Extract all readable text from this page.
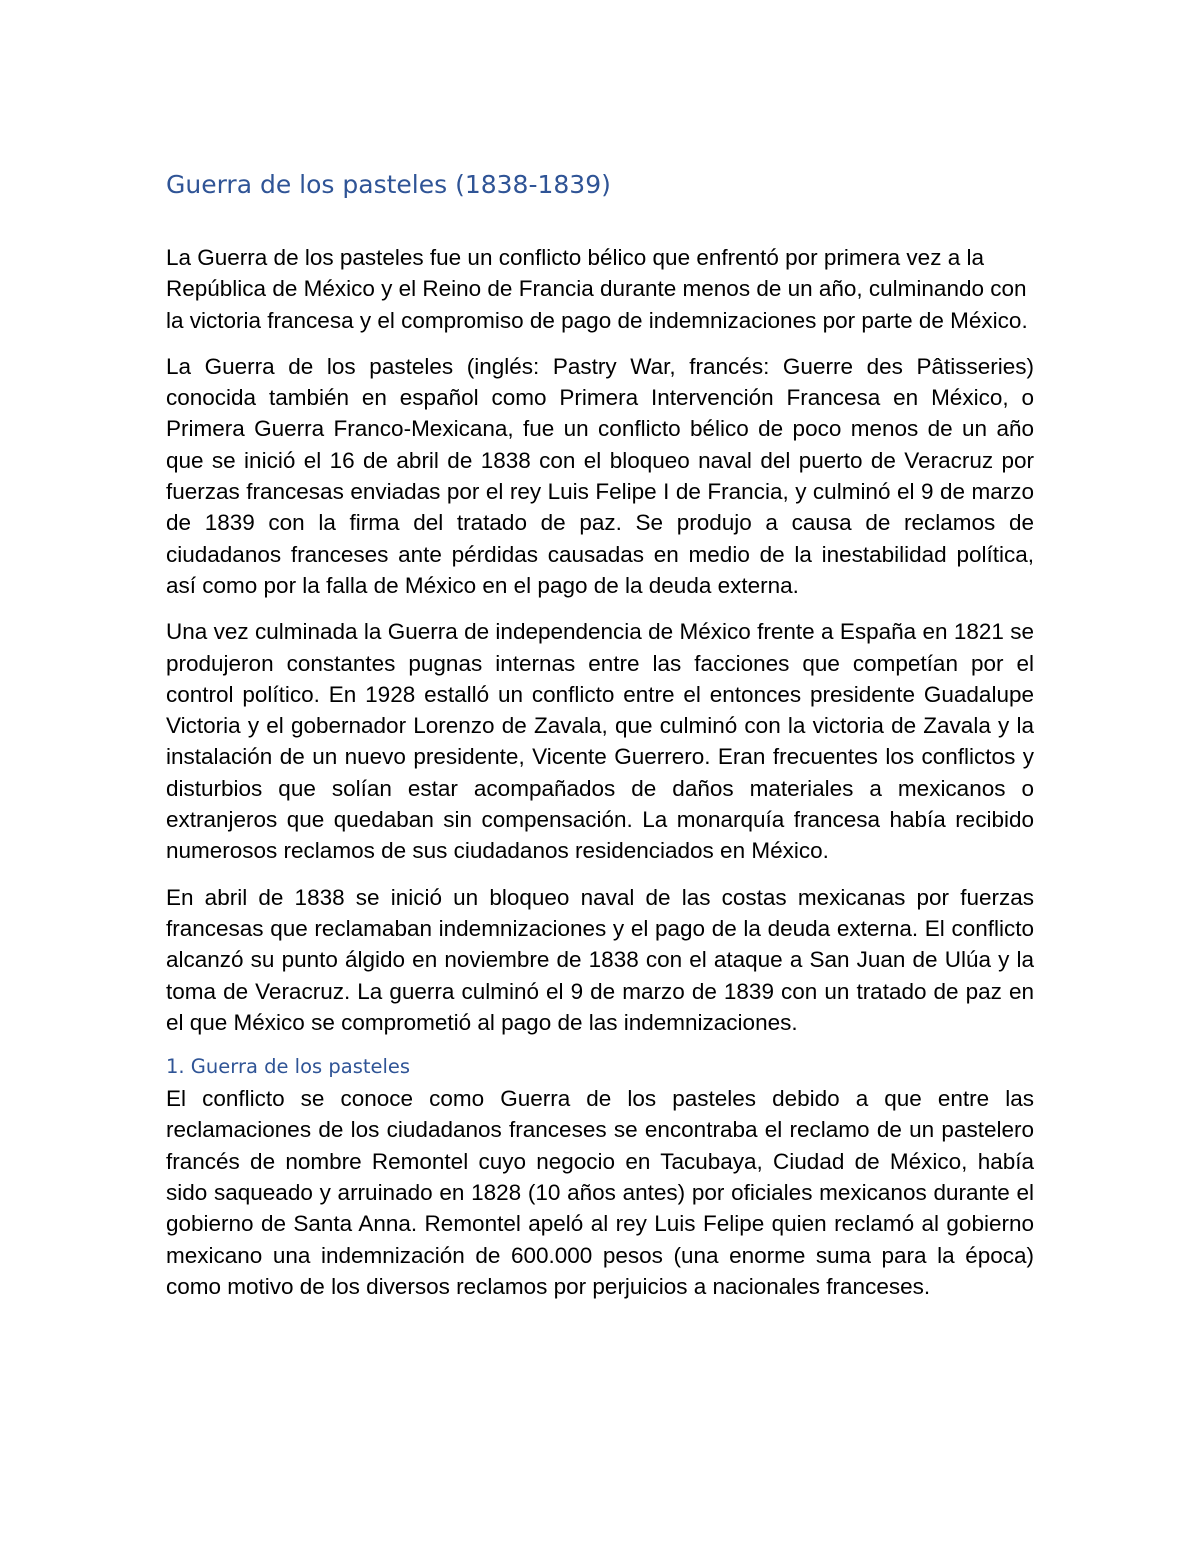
Guerra de los pasteles (1838-1839)

La Guerra de los pasteles fue un conflicto bélico que enfrentó por primera vez a la República de México y el Reino de Francia durante menos de un año, culminando con la victoria francesa y el compromiso de pago de indemnizaciones por parte de México.

La Guerra de los pasteles (inglés: Pastry War, francés: Guerre des Pâtisseries) conocida también en español como Primera Intervención Francesa en México, o Primera Guerra Franco-Mexicana, fue un conflicto bélico de poco menos de un año que se inició el 16 de abril de 1838 con el bloqueo naval del puerto de Veracruz por fuerzas francesas enviadas por el rey Luis Felipe I de Francia, y culminó el 9 de marzo de 1839 con la firma del tratado de paz. Se produjo a causa de reclamos de ciudadanos franceses ante pérdidas causadas en medio de la inestabilidad política, así como por la falla de México en el pago de la deuda externa.

Una vez culminada la Guerra de independencia de México frente a España en 1821 se produjeron constantes pugnas internas entre las facciones que competían por el control político. En 1928 estalló un conflicto entre el entonces presidente Guadalupe Victoria y el gobernador Lorenzo de Zavala, que culminó con la victoria de Zavala y la instalación de un nuevo presidente, Vicente Guerrero. Eran frecuentes los conflictos y disturbios que solían estar acompañados de daños materiales a mexicanos o extranjeros que quedaban sin compensación. La monarquía francesa había recibido numerosos reclamos de sus ciudadanos residenciados en México.

En abril de 1838 se inició un bloqueo naval de las costas mexicanas por fuerzas francesas que reclamaban indemnizaciones y el pago de la deuda externa. El conflicto alcanzó su punto álgido en noviembre de 1838 con el ataque a San Juan de Ulúa y la toma de Veracruz. La guerra culminó el 9 de marzo de 1839 con un tratado de paz en el que México se comprometió al pago de las indemnizaciones.

1. Guerra de los pasteles

El conflicto se conoce como Guerra de los pasteles debido a que entre las reclamaciones de los ciudadanos franceses se encontraba el reclamo de un pastelero francés de nombre Remontel cuyo negocio en Tacubaya, Ciudad de México, había sido saqueado y arruinado en 1828 (10 años antes) por oficiales mexicanos durante el gobierno de Santa Anna. Remontel apeló al rey Luis Felipe quien reclamó al gobierno mexicano una indemnización de 600.000 pesos (una enorme suma para la época) como motivo de los diversos reclamos por perjuicios a nacionales franceses.
